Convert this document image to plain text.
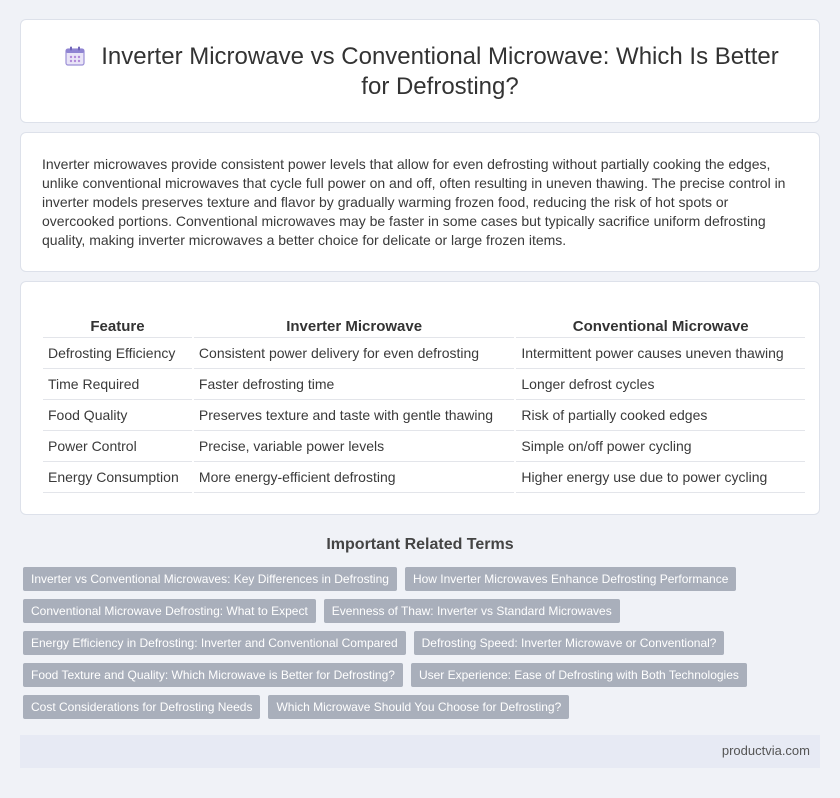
Inverter Microwave vs Conventional Microwave: Which Is Better for Defrosting?

Inverter microwaves provide consistent power levels that allow for even defrosting without partially cooking the edges, unlike conventional microwaves that cycle full power on and off, often resulting in uneven thawing. The precise control in inverter models preserves texture and flavor by gradually warming frozen food, reducing the risk of hot spots or overcooked portions. Conventional microwaves may be faster in some cases but typically sacrifice uniform defrosting quality, making inverter microwaves a better choice for delicate or large frozen items.

Feature	Inverter Microwave	Conventional Microwave
Defrosting Efficiency	Consistent power delivery for even defrosting	Intermittent power causes uneven thawing
Time Required	Faster defrosting time	Longer defrost cycles
Food Quality	Preserves texture and taste with gentle thawing	Risk of partially cooked edges
Power Control	Precise, variable power levels	Simple on/off power cycling
Energy Consumption	More energy-efficient defrosting	Higher energy use due to power cycling
Important Related Terms
Inverter vs Conventional Microwaves: Key Differences in Defrosting	How Inverter Microwaves Enhance Defrosting Performance
Conventional Microwave Defrosting: What to Expect	Evenness of Thaw: Inverter vs Standard Microwaves
Energy Efficiency in Defrosting: Inverter and Conventional Compared	Defrosting Speed: Inverter Microwave or Conventional?
Food Texture and Quality: Which Microwave is Better for Defrosting?	User Experience: Ease of Defrosting with Both Technologies
Cost Considerations for Defrosting Needs	Which Microwave Should You Choose for Defrosting?
productvia.com
